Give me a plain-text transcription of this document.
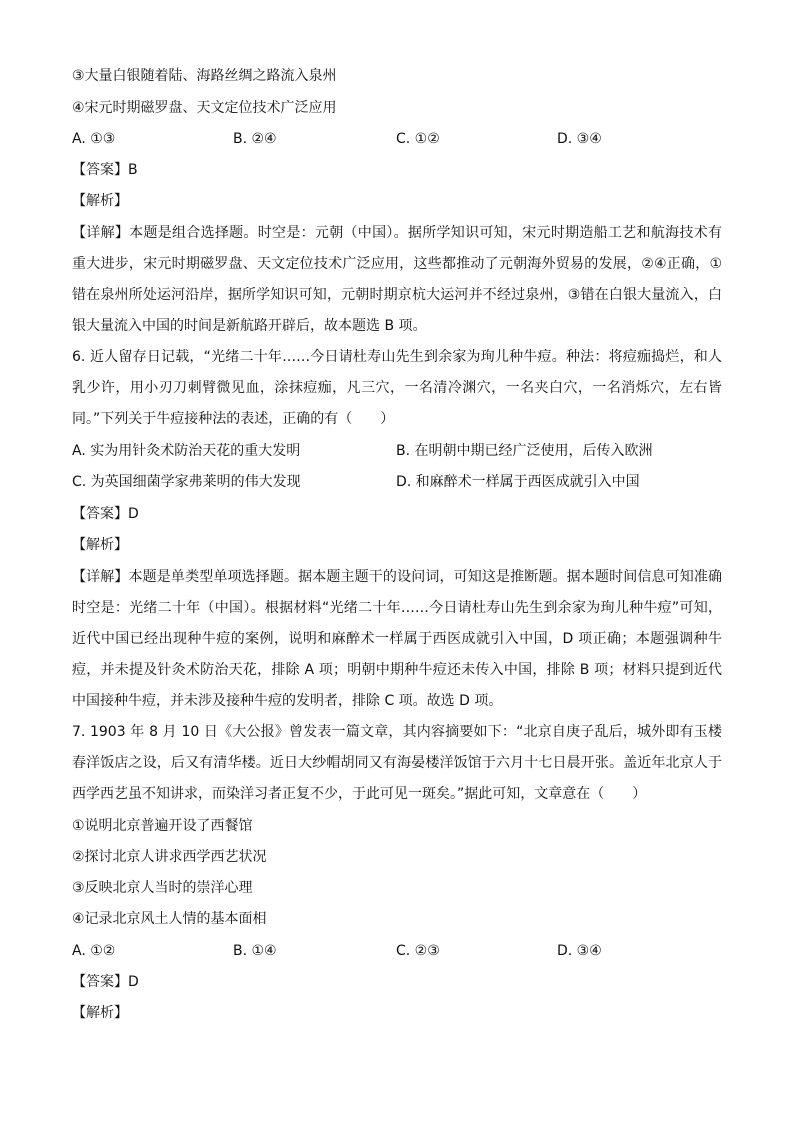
③大量白银随着陆、海路丝绸之路流入泉州
④宋元时期磁罗盘、天文定位技术广泛应用
A. ①③	B. ②④	C. ①②	D. ③④
【答案】B
【解析】
【详解】本题是组合选择题。时空是：元朝（中国）。据所学知识可知，宋元时期造船工艺和航海技术有重大进步，宋元时期磁罗盘、天文定位技术广泛应用，这些都推动了元朝海外贸易的发展，②④正确，①错在泉州所处运河沿岸，据所学知识可知，元朝时期京杭大运河并不经过泉州，③错在白银大量流入，白银大量流入中国的时间是新航路开辟后，故本题选 B 项。
6. 近人留存日记载，“光绪二十年……今日请杜寿山先生到余家为珣儿种牛痘。种法：将痘痂捣烂，和人乳少许，用小刃刀刺臂微见血，涂抹痘痂，凡三穴，一名清冷渊穴，一名夹白穴，一名消烁穴，左右皆同。”下列关于牛痘接种法的表述，正确的有（　　）
A. 实为用针灸术防治天花的重大发明	B. 在明朝中期已经广泛使用，后传入欧洲
C. 为英国细菌学家弗莱明的伟大发现	D. 和麻醉术一样属于西医成就引入中国
【答案】D
【解析】
【详解】本题是单类型单项选择题。据本题主题干的设问词，可知这是推断题。据本题时间信息可知准确时空是：光绪二十年（中国）。根据材料“光绪二十年……今日请杜寿山先生到余家为珣儿种牛痘”可知，近代中国已经出现种牛痘的案例，说明和麻醉术一样属于西医成就引入中国，D 项正确；本题强调种牛痘，并未提及针灸术防治天花，排除 A 项；明朝中期种牛痘还未传入中国，排除 B 项；材料只提到近代中国接种牛痘，并未涉及接种牛痘的发明者，排除 C 项。故选 D 项。
7. 1903 年 8 月 10 日《大公报》曾发表一篇文章，其内容摘要如下：“北京自庚子乱后，城外即有玉楼春洋饭店之设，后又有清华楼。近日大纱帽胡同又有海晏楼洋饭馆于六月十七日晨开张。盖近年北京人于西学西艺虽不知讲求，而染洋习者正复不少，于此可见一斑矣。”据此可知，文章意在（　　）
①说明北京普遍开设了西餐馆
②探讨北京人讲求西学西艺状况
③反映北京人当时的崇洋心理
④记录北京风土人情的基本面相
A. ①②	B. ①④	C. ②③	D. ③④
【答案】D
【解析】
